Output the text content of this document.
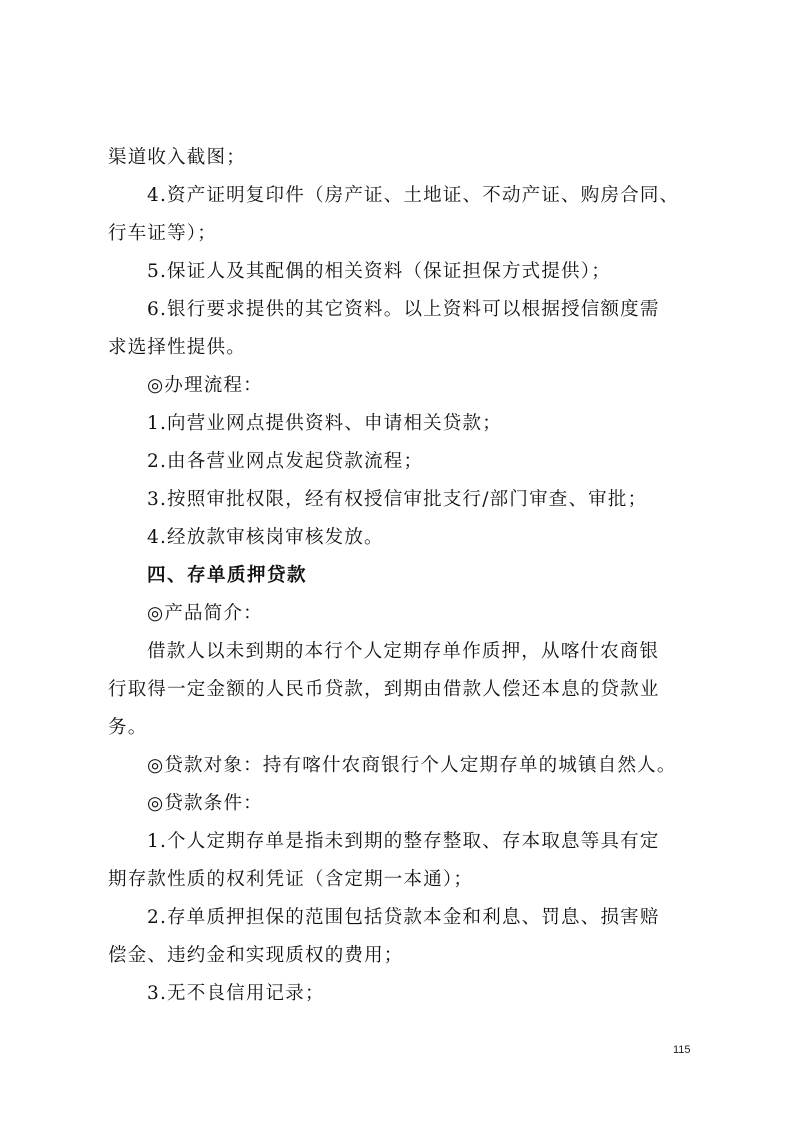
渠道收入截图；
4.资产证明复印件（房产证、土地证、不动产证、购房合同、
行车证等）；
5.保证人及其配偶的相关资料（保证担保方式提供）；
6.银行要求提供的其它资料。以上资料可以根据授信额度需
求选择性提供。
◎办理流程：
1.向营业网点提供资料、申请相关贷款；
2.由各营业网点发起贷款流程；
3.按照审批权限，经有权授信审批支行/部门审查、审批；
4.经放款审核岗审核发放。
四、存单质押贷款
◎产品简介：
借款人以未到期的本行个人定期存单作质押，从喀什农商银
行取得一定金额的人民币贷款，到期由借款人偿还本息的贷款业
务。
◎贷款对象：持有喀什农商银行个人定期存单的城镇自然人。
◎贷款条件：
1.个人定期存单是指未到期的整存整取、存本取息等具有定
期存款性质的权利凭证（含定期一本通）；
2.存单质押担保的范围包括贷款本金和利息、罚息、损害赔
偿金、违约金和实现质权的费用；
3.无不良信用记录；
115
